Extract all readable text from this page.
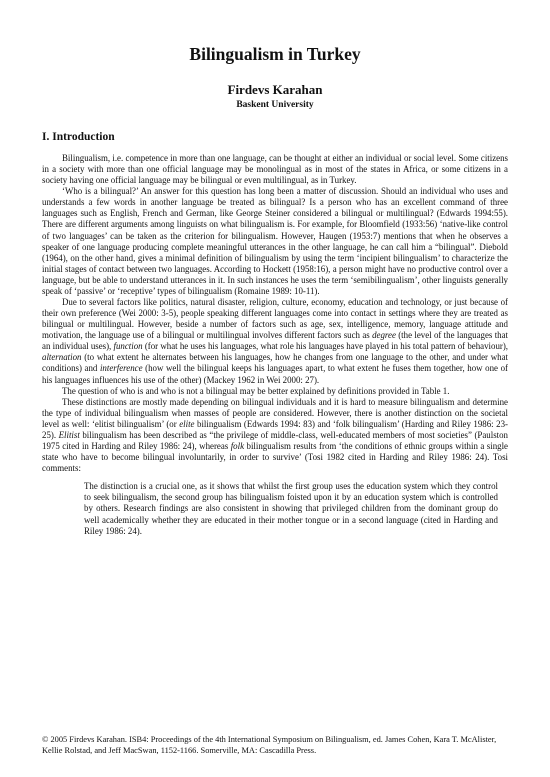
Bilingualism in Turkey
Firdevs Karahan
Baskent University
I. Introduction

Bilingualism, i.e. competence in more than one language, can be thought at either an individual or social level. Some citizens in a society with more than one official language may be monolingual as in most of the states in Africa, or some citizens in a society having one official language may be bilingual or even multilingual, as in Turkey.

‘Who is a bilingual?’ An answer for this question has long been a matter of discussion. Should an individual who uses and understands a few words in another language be treated as bilingual? Is a person who has an excellent command of three languages such as English, French and German, like George Steiner considered a bilingual or multilingual? (Edwards 1994:55). There are different arguments among linguists on what bilingualism is. For example, for Bloomfield (1933:56) ‘native-like control of two languages’ can be taken as the criterion for bilingualism. However, Haugen (1953:7) mentions that when he observes a speaker of one language producing complete meaningful utterances in the other language, he can call him a “bilingual”. Diebold (1964), on the other hand, gives a minimal definition of bilingualism by using the term ‘incipient bilingualism’ to characterize the initial stages of contact between two languages. According to Hockett (1958:16), a person might have no productive control over a language, but be able to understand utterances in it. In such instances he uses the term ‘semibilingualism’, other linguists generally speak of ‘passive’ or ‘receptive’ types of bilingualism (Romaine 1989: 10-11).

Due to several factors like politics, natural disaster, religion, culture, economy, education and technology, or just because of their own preference (Wei 2000: 3-5), people speaking different languages come into contact in settings where they are treated as bilingual or multilingual. However, beside a number of factors such as age, sex, intelligence, memory, language attitude and motivation, the language use of a bilingual or multilingual involves different factors such as degree (the level of the languages that an individual uses), function (for what he uses his languages, what role his languages have played in his total pattern of behaviour), alternation (to what extent he alternates between his languages, how he changes from one language to the other, and under what conditions) and interference (how well the bilingual keeps his languages apart, to what extent he fuses them together, how one of his languages influences his use of the other) (Mackey 1962 in Wei 2000: 27).

The question of who is and who is not a bilingual may be better explained by definitions provided in Table 1.

These distinctions are mostly made depending on bilingual individuals and it is hard to measure bilingualism and determine the type of individual bilingualism when masses of people are considered. However, there is another distinction on the societal level as well: ‘elitist bilingualism’ (or elite bilingualism (Edwards 1994: 83) and ‘folk bilingualism’ (Harding and Riley 1986: 23-25). Elitist bilingualism has been described as “the privilege of middle-class, well-educated members of most societies” (Paulston 1975 cited in Harding and Riley 1986: 24), whereas folk bilingualism results from ‘the conditions of ethnic groups within a single state who have to become bilingual involuntarily, in order to survive’ (Tosi 1982 cited in Harding and Riley 1986: 24). Tosi comments:

The distinction is a crucial one, as it shows that whilst the first group uses the education system which they control to seek bilingualism, the second group has bilingualism foisted upon it by an education system which is controlled by others. Research findings are also consistent in showing that privileged children from the dominant group do well academically whether they are educated in their mother tongue or in a second language (cited in Harding and Riley 1986: 24).

© 2005 Firdevs Karahan. ISB4: Proceedings of the 4th International Symposium on Bilingualism, ed. James Cohen, Kara T. McAlister, Kellie Rolstad, and Jeff MacSwan, 1152-1166. Somerville, MA: Cascadilla Press.
